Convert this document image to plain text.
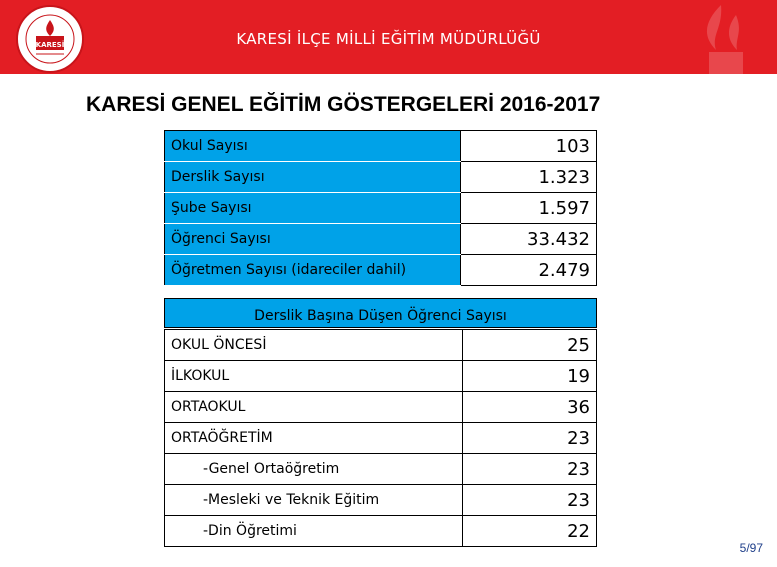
KARESİ	KARESİ İLÇE MİLLİ EĞİTİM MÜDÜRLÜĞÜ
KARESİ GENEL EĞİTİM GÖSTERGELERİ 2016-2017
Okul Sayısı	103
Derslik Sayısı	1.323
Şube Sayısı	1.597
Öğrenci Sayısı	33.432
Öğretmen Sayısı (idareciler dahil)	2.479
Derslik Başına Düşen Öğrenci Sayısı
OKUL ÖNCESİ	25
İLKOKUL	19
ORTAOKUL	36
ORTAÖĞRETİM	23
-Genel Ortaöğretim	23
-Mesleki ve Teknik Eğitim	23
-Din Öğretimi	22
5/97
